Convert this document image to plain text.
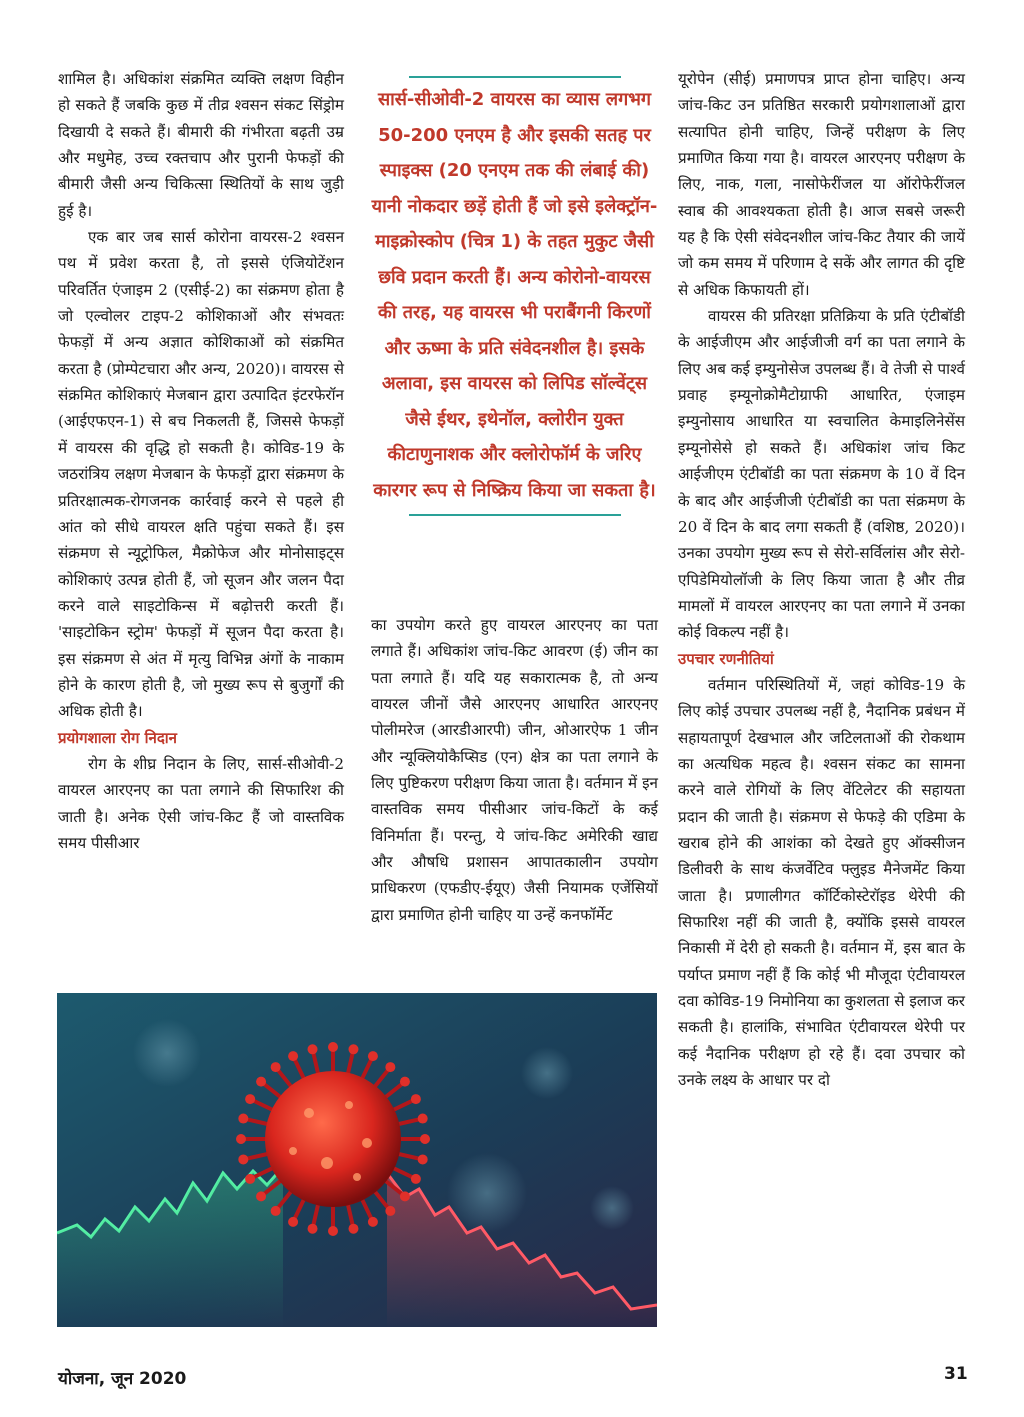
शामिल है। अधिकांश संक्रमित व्यक्ति लक्षण विहीन हो सकते हैं जबकि कुछ में तीव्र श्वसन संकट सिंड्रोम दिखायी दे सकते हैं। बीमारी की गंभीरता बढ़ती उम्र और मधुमेह, उच्च रक्तचाप और पुरानी फेफड़ों की बीमारी जैसी अन्य चिकित्सा स्थितियों के साथ जुड़ी हुई है।

एक बार जब सार्स कोरोना वायरस-2 श्वसन पथ में प्रवेश करता है, तो इससे एंजियोटेंशन परिवर्तित एंजाइम 2 (एसीई-2) का संक्रमण होता है जो एल्वोलर टाइप-2 कोशिकाओं और संभवतः फेफड़ों में अन्य अज्ञात कोशिकाओं को संक्रमित करता है (प्रोम्पेटचारा और अन्य, 2020)। वायरस से संक्रमित कोशिकाएं मेजबान द्वारा उत्पादित इंटरफेरॉन (आईएफएन-1) से बच निकलती हैं, जिससे फेफड़ों में वायरस की वृद्धि हो सकती है। कोविड-19 के जठरांत्रिय लक्षण मेजबान के फेफड़ों द्वारा संक्रमण के प्रतिरक्षात्मक-रोगजनक कार्रवाई करने से पहले ही आंत को सीधे वायरल क्षति पहुंचा सकते हैं। इस संक्रमण से न्यूट्रोफिल, मैक्रोफेज और मोनोसाइट्स कोशिकाएं उत्पन्न होती हैं, जो सूजन और जलन पैदा करने वाले साइटोकिन्स में बढ़ोत्तरी करती हैं। 'साइटोकिन स्ट्रोम' फेफड़ों में सूजन पैदा करता है। इस संक्रमण से अंत में मृत्यु विभिन्न अंगों के नाकाम होने के कारण होती है, जो मुख्य रूप से बुजुर्गों की अधिक होती है।

प्रयोगशाला रोग निदान

रोग के शीघ्र निदान के लिए, सार्स-सीओवी-2 वायरल आरएनए का पता लगाने की सिफारिश की जाती है। अनेक ऐसी जांच-किट हैं जो वास्तविक समय पीसीआर

सार्स-सीओवी-2 वायरस का व्यास लगभग 50-200 एनएम है और इसकी सतह पर स्पाइक्स (20 एनएम तक की लंबाई की) यानी नोकदार छड़ें होती हैं जो इसे इलेक्ट्रॉन-माइक्रोस्कोप (चित्र 1) के तहत मुकुट जैसी छवि प्रदान करती हैं। अन्य कोरोनो-वायरस की तरह, यह वायरस भी पराबैंगनी किरणों और ऊष्मा के प्रति संवेदनशील है। इसके अलावा, इस वायरस को लिपिड सॉल्वेंट्स जैसे ईथर, इथेनॉल, क्लोरीन युक्त कीटाणुनाशक और क्लोरोफॉर्म के जरिए कारगर रूप से निष्क्रिय किया जा सकता है।

का उपयोग करते हुए वायरल आरएनए का पता लगाते हैं। अधिकांश जांच-किट आवरण (ई) जीन का पता लगाते हैं। यदि यह सकारात्मक है, तो अन्य वायरल जीनों जैसे आरएनए आधारित आरएनए पोलीमरेज (आरडीआरपी) जीन, ओआरऐफ 1 जीन और न्यूक्लियोकैप्सिड (एन) क्षेत्र का पता लगाने के लिए पुष्टिकरण परीक्षण किया जाता है। वर्तमान में इन वास्तविक समय पीसीआर जांच-किटों के कई विनिर्माता हैं। परन्तु, ये जांच-किट अमेरिकी खाद्य और औषधि प्रशासन आपातकालीन उपयोग प्राधिकरण (एफडीए-ईयूए) जैसी नियामक एजेंसियों द्वारा प्रमाणित होनी चाहिए या उन्हें कनफॉर्मेट

यूरोपेन (सीई) प्रमाणपत्र प्राप्त होना चाहिए। अन्य जांच-किट उन प्रतिष्ठित सरकारी प्रयोगशालाओं द्वारा सत्यापित होनी चाहिए, जिन्हें परीक्षण के लिए प्रमाणित किया गया है। वायरल आरएनए परीक्षण के लिए, नाक, गला, नासोफेरींजल या ऑरोफेरींजल स्वाब की आवश्यकता होती है। आज सबसे जरूरी यह है कि ऐसी संवेदनशील जांच-किट तैयार की जायें जो कम समय में परिणाम दे सकें और लागत की दृष्टि से अधिक किफायती हों।

वायरस की प्रतिरक्षा प्रतिक्रिया के प्रति एंटीबॉडी के आईजीएम और आईजीजी वर्ग का पता लगाने के लिए अब कई इम्युनोसेज उपलब्ध हैं। वे तेजी से पार्श्व प्रवाह इम्यूनोक्रोमैटोग्राफी आधारित, एंजाइम इम्युनोसाय आधारित या स्वचालित केमाइलिनेसेंस इम्यूनोसेसे हो सकते हैं। अधिकांश जांच किट आईजीएम एंटीबॉडी का पता संक्रमण के 10 वें दिन के बाद और आईजीजी एंटीबॉडी का पता संक्रमण के 20 वें दिन के बाद लगा सकती हैं (वशिष्ठ, 2020)। उनका उपयोग मुख्य रूप से सेरो-सर्विलांस और सेरो-एपिडेमियोलॉजी के लिए किया जाता है और तीव्र मामलों में वायरल आरएनए का पता लगाने में उनका कोई विकल्प नहीं है।

उपचार रणनीतियां

वर्तमान परिस्थितियों में, जहां कोविड-19 के लिए कोई उपचार उपलब्ध नहीं है, नैदानिक प्रबंधन में सहायतापूर्ण देखभाल और जटिलताओं की रोकथाम का अत्यधिक महत्व है। श्वसन संकट का सामना करने वाले रोगियों के लिए वेंटिलेटर की सहायता प्रदान की जाती है। संक्रमण से फेफड़े की एडिमा के खराब होने की आशंका को देखते हुए ऑक्सीजन डिलीवरी के साथ कंजर्वेटिव फ्लुइड मैनेजमेंट किया जाता है। प्रणालीगत कॉर्टिकोस्टेरॉइड थेरेपी की सिफारिश नहीं की जाती है, क्योंकि इससे वायरल निकासी में देरी हो सकती है। वर्तमान में, इस बात के पर्याप्त प्रमाण नहीं हैं कि कोई भी मौजूदा एंटीवायरल दवा कोविड-19 निमोनिया का कुशलता से इलाज कर सकती है। हालांकि, संभावित एंटीवायरल थेरेपी पर कई नैदानिक परीक्षण हो रहे हैं। दवा उपचार को उनके लक्ष्य के आधार पर दो

योजना, जून 2020	31
